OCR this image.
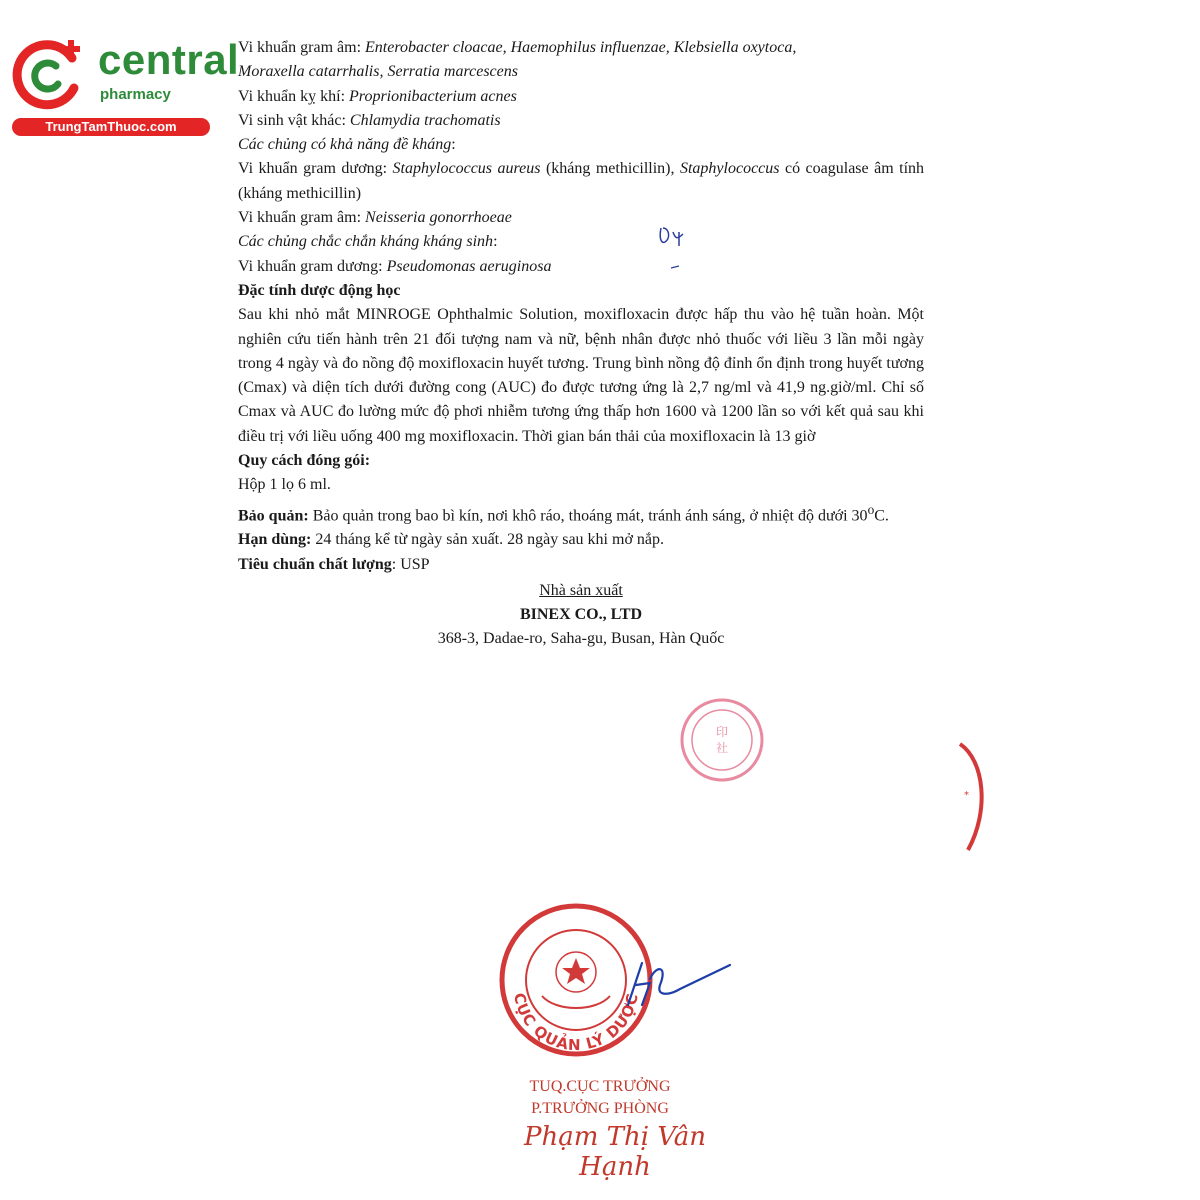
central
pharmacy
TrungTamThuoc.com

Vi khuẩn gram âm: Enterobacter cloacae, Haemophilus influenzae, Klebsiella oxytoca,

Moraxella catarrhalis, Serratia marcescens

Vi khuẩn kỵ khí: Proprionibacterium acnes

Vi sinh vật khác: Chlamydia trachomatis

Các chủng có khả năng đề kháng:

Vi khuẩn gram dương: Staphylococcus aureus (kháng methicillin), Staphylococcus có coagulase âm tính (kháng methicillin)

Vi khuẩn gram âm: Neisseria gonorrhoeae

Các chủng chắc chắn kháng kháng sinh:

Vi khuẩn gram dương: Pseudomonas aeruginosa

Đặc tính dược động học

Sau khi nhỏ mắt MINROGE Ophthalmic Solution, moxifloxacin được hấp thu vào hệ tuần hoàn. Một nghiên cứu tiến hành trên 21 đối tượng nam và nữ, bệnh nhân được nhỏ thuốc với liều 3 lần mỗi ngày trong 4 ngày và đo nồng độ moxifloxacin huyết tương. Trung bình nồng độ đỉnh ổn định trong huyết tương (Cmax) và diện tích dưới đường cong (AUC) đo được tương ứng là 2,7 ng/ml và 41,9 ng.giờ/ml. Chỉ số Cmax và AUC đo lường mức độ phơi nhiễm tương ứng thấp hơn 1600 và 1200 lần so với kết quả sau khi điều trị với liều uống 400 mg moxifloxacin. Thời gian bán thải của moxifloxacin là 13 giờ

Quy cách đóng gói:

Hộp 1 lọ 6 ml.

Bảo quản: Bảo quản trong bao bì kín, nơi khô ráo, thoáng mát, tránh ánh sáng, ở nhiệt độ dưới 30$^o$C.

Hạn dùng: 24 tháng kể từ ngày sản xuất. 28 ngày sau khi mở nắp.

Tiêu chuẩn chất lượng: USP

Nhà sản xuất

BINEX CO., LTD

368-3, Dadae-ro, Saha-gu, Busan, Hàn Quốc

印
社
*
CỤC QUẢN LÝ DƯỢC
TUQ.CỤC TRƯỞNG
P.TRƯỞNG PHÒNG
Phạm Thị Vân Hạnh
